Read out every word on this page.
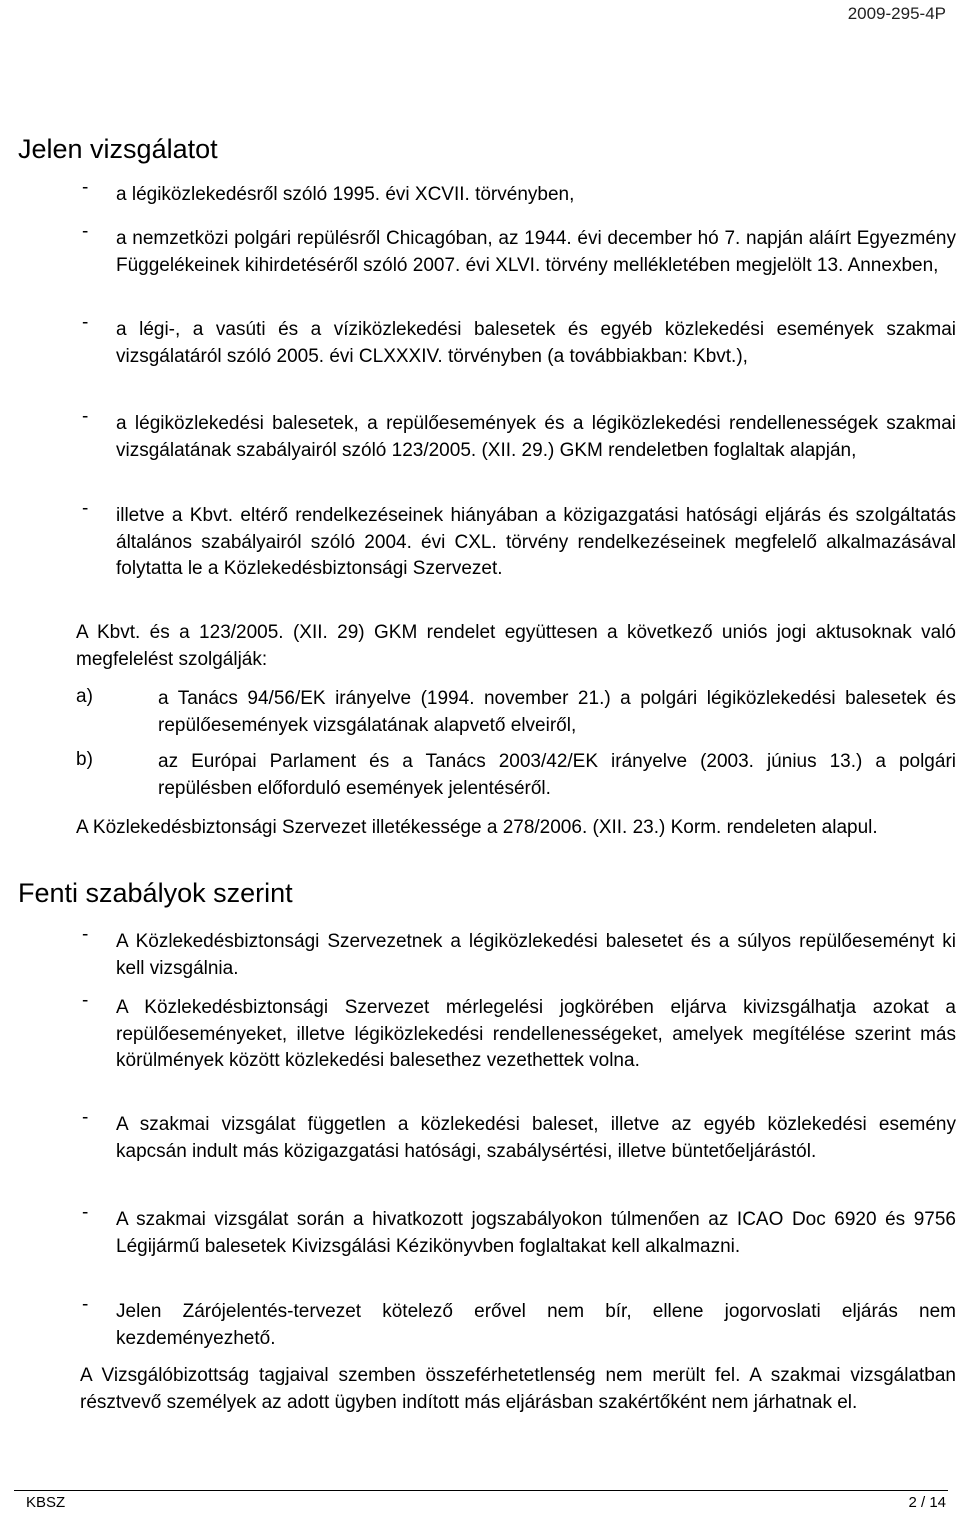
2009-295-4P
Jelen vizsgálatot
- a légiközlekedésről szóló 1995. évi XCVII. törvényben,
- a nemzetközi polgári repülésről Chicagóban, az 1944. évi december hó 7. napján aláírt Egyezmény Függelékeinek kihirdetéséről szóló 2007. évi XLVI. törvény mellékletében megjelölt 13. Annexben,
- a légi-, a vasúti és a víziközlekedési balesetek és egyéb közlekedési események szakmai vizsgálatáról szóló 2005. évi CLXXXIV. törvényben (a továbbiakban: Kbvt.),
- a légiközlekedési balesetek, a repülőesemények és a légiközlekedési rendellenességek szakmai vizsgálatának szabályairól szóló 123/2005. (XII. 29.) GKM rendeletben foglaltak alapján,
- illetve a Kbvt. eltérő rendelkezéseinek hiányában a közigazgatási hatósági eljárás és szolgáltatás általános szabályairól szóló 2004. évi CXL. törvény rendelkezéseinek megfelelő alkalmazásával folytatta le a Közlekedésbiztonsági Szervezet.

A Kbvt. és a 123/2005. (XII. 29) GKM rendelet együttesen a következő uniós jogi aktusoknak való megfelelést szolgálják:

a)	a Tanács 94/56/EK irányelve (1994. november 21.) a polgári légiközlekedési balesetek és repülőesemények vizsgálatának alapvető elveiről,

b)	az Európai Parlament és a Tanács 2003/42/EK irányelve (2003. június 13.) a polgári repülésben előforduló események jelentéséről.

A Közlekedésbiztonsági Szervezet illetékessége a 278/2006. (XII. 23.) Korm. rendeleten alapul.

Fenti szabályok szerint
- A Közlekedésbiztonsági Szervezetnek a légiközlekedési balesetet és a súlyos repülőeseményt ki kell vizsgálnia.
- A Közlekedésbiztonsági Szervezet mérlegelési jogkörében eljárva kivizsgálhatja azokat a repülőeseményeket, illetve légiközlekedési rendellenességeket, amelyek megítélése szerint más körülmények között közlekedési balesethez vezethettek volna.
- A szakmai vizsgálat független a közlekedési baleset, illetve az egyéb közlekedési esemény kapcsán indult más közigazgatási hatósági, szabálysértési, illetve büntetőeljárástól.
- A szakmai vizsgálat során a hivatkozott jogszabályokon túlmenően az ICAO Doc 6920 és 9756 Légijármű balesetek Kivizsgálási Kézikönyvben foglaltakat kell alkalmazni.
- Jelen Zárójelentés-tervezet kötelező erővel nem bír, ellene jogorvoslati eljárás nem kezdeményezhető.

A Vizsgálóbizottság tagjaival szemben összeférhetetlenség nem merült fel. A szakmai vizsgálatban résztvevő személyek az adott ügyben indított más eljárásban szakértőként nem járhatnak el.

KBSZ	2 / 14
